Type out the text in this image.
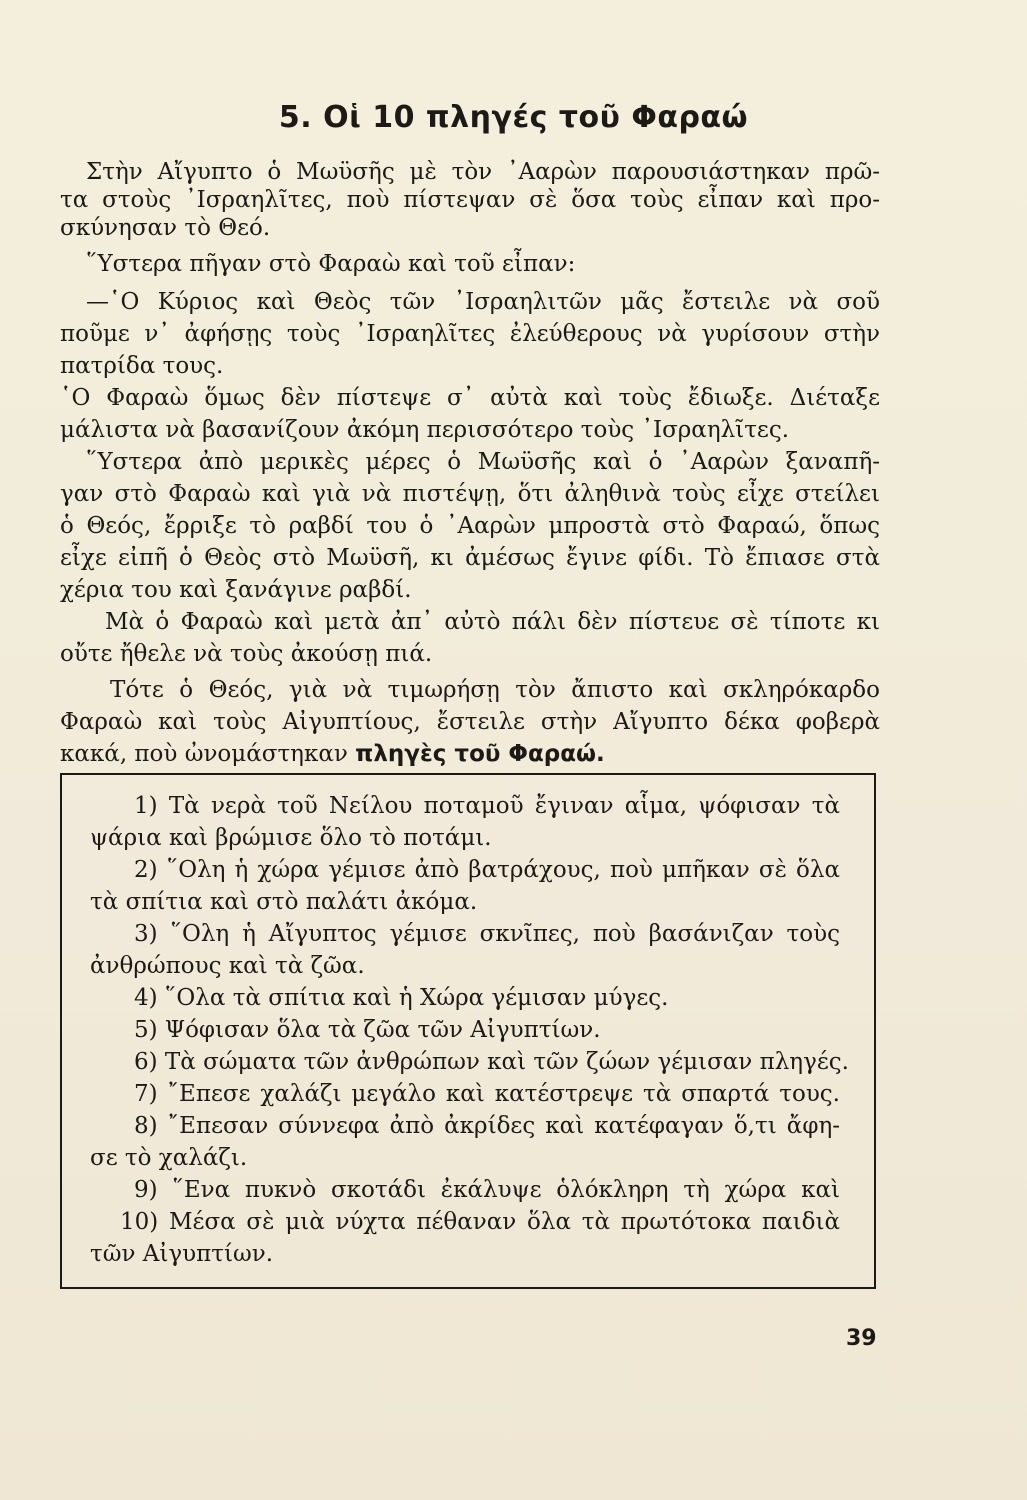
5. Οἱ 10 πληγές τοῦ Φαραώ
Στὴν Αἴγυπτο ὁ Μωϋσῆς μὲ τὸν ᾿Ααρὼν παρουσιάστηκαν πρῶ-
τα στοὺς ᾿Ισραηλῖτες, ποὺ πίστεψαν σὲ ὅσα τοὺς εἶπαν καὶ προ-
σκύνησαν τὸ Θεό.
῞Υστερα πῆγαν στὸ Φαραὼ καὶ τοῦ εἶπαν:
—῾Ο Κύριος καὶ Θεὸς τῶν ᾿Ισραηλιτῶν μᾶς ἔστειλε νὰ σοῦ
ποῦμε ν᾿ ἀφήσῃς τοὺς ᾿Ισραηλῖτες ἐλεύθερους νὰ γυρίσουν στὴν
πατρίδα τους.
῾Ο Φαραὼ ὅμως δὲν πίστεψε σ᾿ αὐτὰ καὶ τοὺς ἔδιωξε. Διέταξε
μάλιστα νὰ βασανίζουν ἀκόμη περισσότερο τοὺς ᾿Ισραηλῖτες.
῞Υστερα ἀπὸ μερικὲς μέρες ὁ Μωϋσῆς καὶ ὁ ᾿Ααρὼν ξαναπῆ-
γαν στὸ Φαραὼ καὶ γιὰ νὰ πιστέψῃ, ὅτι ἀληθινὰ τοὺς εἶχε στείλει
ὁ Θεός, ἔρριξε τὸ ραβδί του ὁ ᾿Ααρὼν μπροστὰ στὸ Φαραώ, ὅπως
εἶχε εἰπῆ ὁ Θεὸς στὸ Μωϋσῆ, κι ἀμέσως ἔγινε φίδι. Τὸ ἔπιασε στὰ
χέρια του καὶ ξανάγινε ραβδί.
Μὰ ὁ Φαραὼ καὶ μετὰ ἀπ᾿ αὐτὸ πάλι δὲν πίστευε σὲ τίποτε κι
οὔτε ἤθελε νὰ τοὺς ἀκούσῃ πιά.
Τότε ὁ Θεός, γιὰ νὰ τιμωρήσῃ τὸν ἄπιστο καὶ σκληρόκαρδο
Φαραὼ καὶ τοὺς Αἰγυπτίους, ἔστειλε στὴν Αἴγυπτο δέκα φοβερὰ
κακά, ποὺ ὠνομάστηκαν πληγὲς τοῦ Φαραώ.
1) Τὰ νερὰ τοῦ Νείλου ποταμοῦ ἔγιναν αἷμα, ψόφισαν τὰ
ψάρια καὶ βρώμισε ὅλο τὸ ποτάμι.
2) ῞Ολη ἡ χώρα γέμισε ἀπὸ βατράχους, ποὺ μπῆκαν σὲ ὅλα
τὰ σπίτια καὶ στὸ παλάτι ἀκόμα.
3) ῞Ολη ἡ Αἴγυπτος γέμισε σκνῖπες, ποὺ βασάνιζαν τοὺς
ἀνθρώπους καὶ τὰ ζῶα.
4) ῞Ολα τὰ σπίτια καὶ ἡ Χώρα γέμισαν μύγες.
5) Ψόφισαν ὅλα τὰ ζῶα τῶν Αἰγυπτίων.
6) Τὰ σώματα τῶν ἀνθρώπων καὶ τῶν ζώων γέμισαν πληγές.
7) ῎Επεσε χαλάζι μεγάλο καὶ κατέστρεψε τὰ σπαρτά τους.
8) ῎Επεσαν σύννεφα ἀπὸ ἀκρίδες καὶ κατέφαγαν ὅ,τι ἄφη-
σε τὸ χαλάζι.
9) ῞Ενα πυκνὸ σκοτάδι ἐκάλυψε ὁλόκληρη τὴ χώρα καὶ
10) Μέσα σὲ μιὰ νύχτα πέθαναν ὅλα τὰ πρωτότοκα παιδιὰ
τῶν Αἰγυπτίων.
39
